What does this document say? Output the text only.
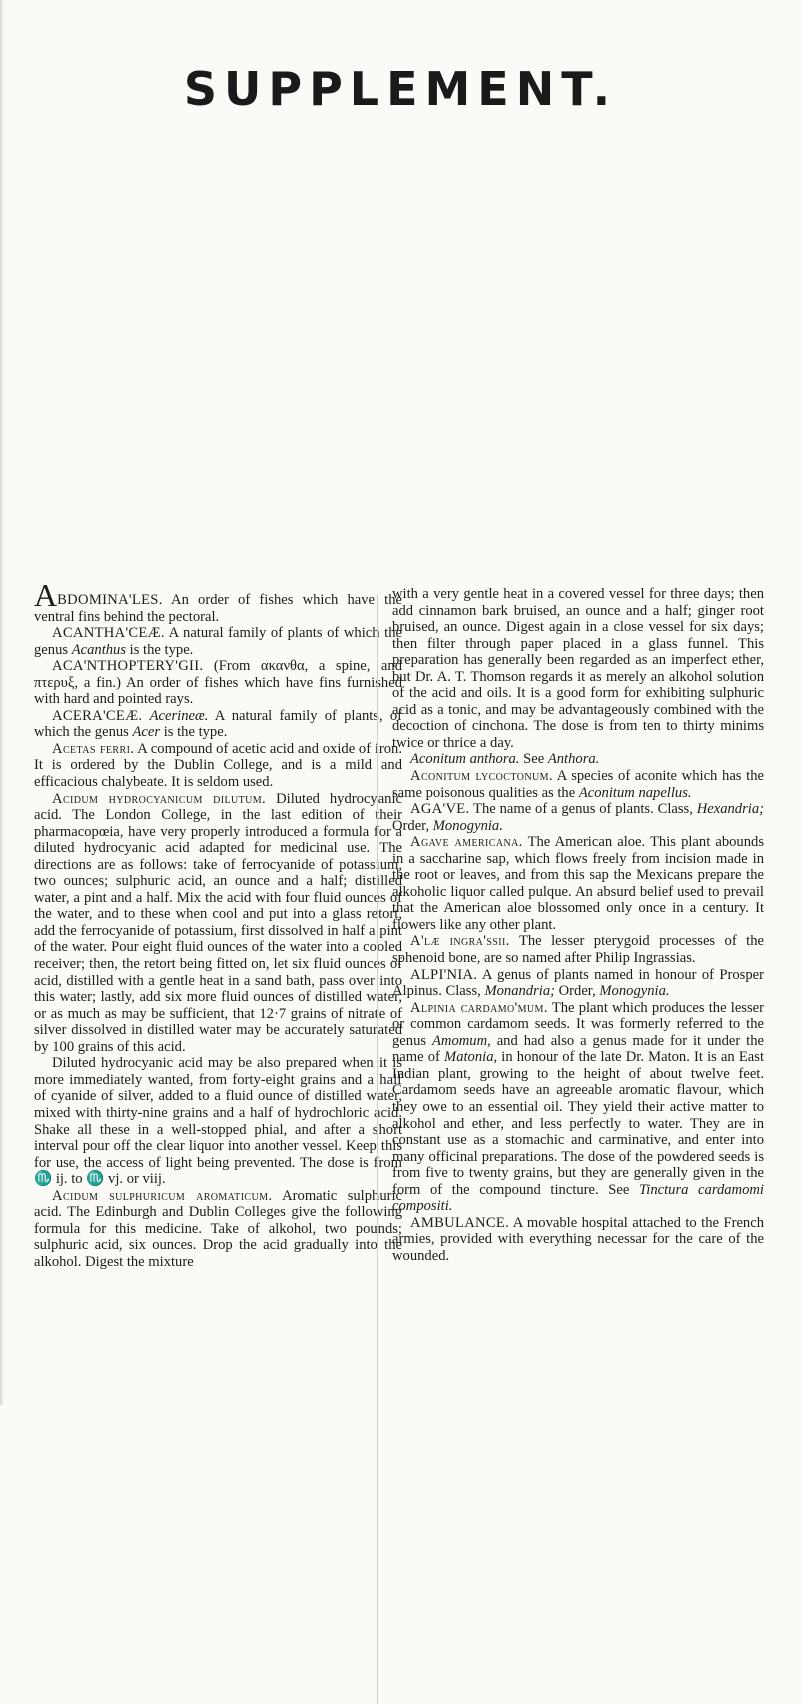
SUPPLEMENT.

ABDOMINA'LES. An order of fishes which have the ventral fins behind the pectoral.

ACANTHA'CEÆ. A natural family of plants of which the genus Acanthus is the type.

ACA'NTHOPTERY'GII. (From ακανθα, a spine, and πτερυξ, a fin.) An order of fishes which have fins furnished with hard and pointed rays.

ACERA'CEÆ. Acerineæ. A natural family of plants, of which the genus Acer is the type.

Acetas ferri. A compound of acetic acid and oxide of iron. It is ordered by the Dublin College, and is a mild and efficacious chalybeate. It is seldom used.

Acidum hydrocyanicum dilutum. Diluted hydrocyanic acid. The London College, in the last edition of their pharmacopœia, have very properly introduced a formula for a diluted hydrocyanic acid adapted for medicinal use. The directions are as follows: take of ferrocyanide of potassium, two ounces; sulphuric acid, an ounce and a half; distilled water, a pint and a half. Mix the acid with four fluid ounces of the water, and to these when cool and put into a glass retort, add the ferrocyanide of potassium, first dissolved in half a pint of the water. Pour eight fluid ounces of the water into a cooled receiver; then, the retort being fitted on, let six fluid ounces of acid, distilled with a gentle heat in a sand bath, pass over into this water; lastly, add six more fluid ounces of distilled water, or as much as may be sufficient, that 12·7 grains of nitrate of silver dissolved in distilled water may be accurately saturated by 100 grains of this acid.

Diluted hydrocyanic acid may be also prepared when it is more immediately wanted, from forty-eight grains and a half of cyanide of silver, added to a fluid ounce of distilled water, mixed with thirty-nine grains and a half of hydrochloric acid. Shake all these in a well-stopped phial, and after a short interval pour off the clear liquor into another vessel. Keep this for use, the access of light being prevented. The dose is from ♏ ij. to ♏ vj. or viij.

Acidum sulphuricum aromaticum. Aromatic sulphuric acid. The Edinburgh and Dublin Colleges give the following formula for this medicine. Take of alkohol, two pounds; sulphuric acid, six ounces. Drop the acid gradually into the alkohol. Digest the mixture

with a very gentle heat in a covered vessel for three days; then add cinnamon bark bruised, an ounce and a half; ginger root bruised, an ounce. Digest again in a close vessel for six days; then filter through paper placed in a glass funnel. This preparation has generally been regarded as an imperfect ether, but Dr. A. T. Thomson regards it as merely an alkohol solution of the acid and oils. It is a good form for exhibiting sulphuric acid as a tonic, and may be advantageously combined with the decoction of cinchona. The dose is from ten to thirty minims twice or thrice a day.

Aconitum anthora. See Anthora.

Aconitum lycoctonum. A species of aconite which has the same poisonous qualities as the Aconitum napellus.

AGA'VE. The name of a genus of plants. Class, Hexandria; Order, Monogynia.

Agave americana. The American aloe. This plant abounds in a saccharine sap, which flows freely from incision made in the root or leaves, and from this sap the Mexicans prepare the alkoholic liquor called pulque. An absurd belief used to prevail that the American aloe blossomed only once in a century. It flowers like any other plant.

A'læ ingra'ssii. The lesser pterygoid processes of the sphenoid bone, are so named after Philip Ingrassias.

ALPI'NIA. A genus of plants named in honour of Prosper Alpinus. Class, Monandria; Order, Monogynia.

Alpinia cardamo'mum. The plant which produces the lesser or common cardamom seeds. It was formerly referred to the genus Amomum, and had also a genus made for it under the name of Matonia, in honour of the late Dr. Maton. It is an East Indian plant, growing to the height of about twelve feet. Cardamom seeds have an agreeable aromatic flavour, which they owe to an essential oil. They yield their active matter to alkohol and ether, and less perfectly to water. They are in constant use as a stomachic and carminative, and enter into many officinal preparations. The dose of the powdered seeds is from five to twenty grains, but they are generally given in the form of the compound tincture. See Tinctura cardamomi compositi.

AMBULANCE. A movable hospital attached to the French armies, provided with everything necessar for the care of the wounded.
